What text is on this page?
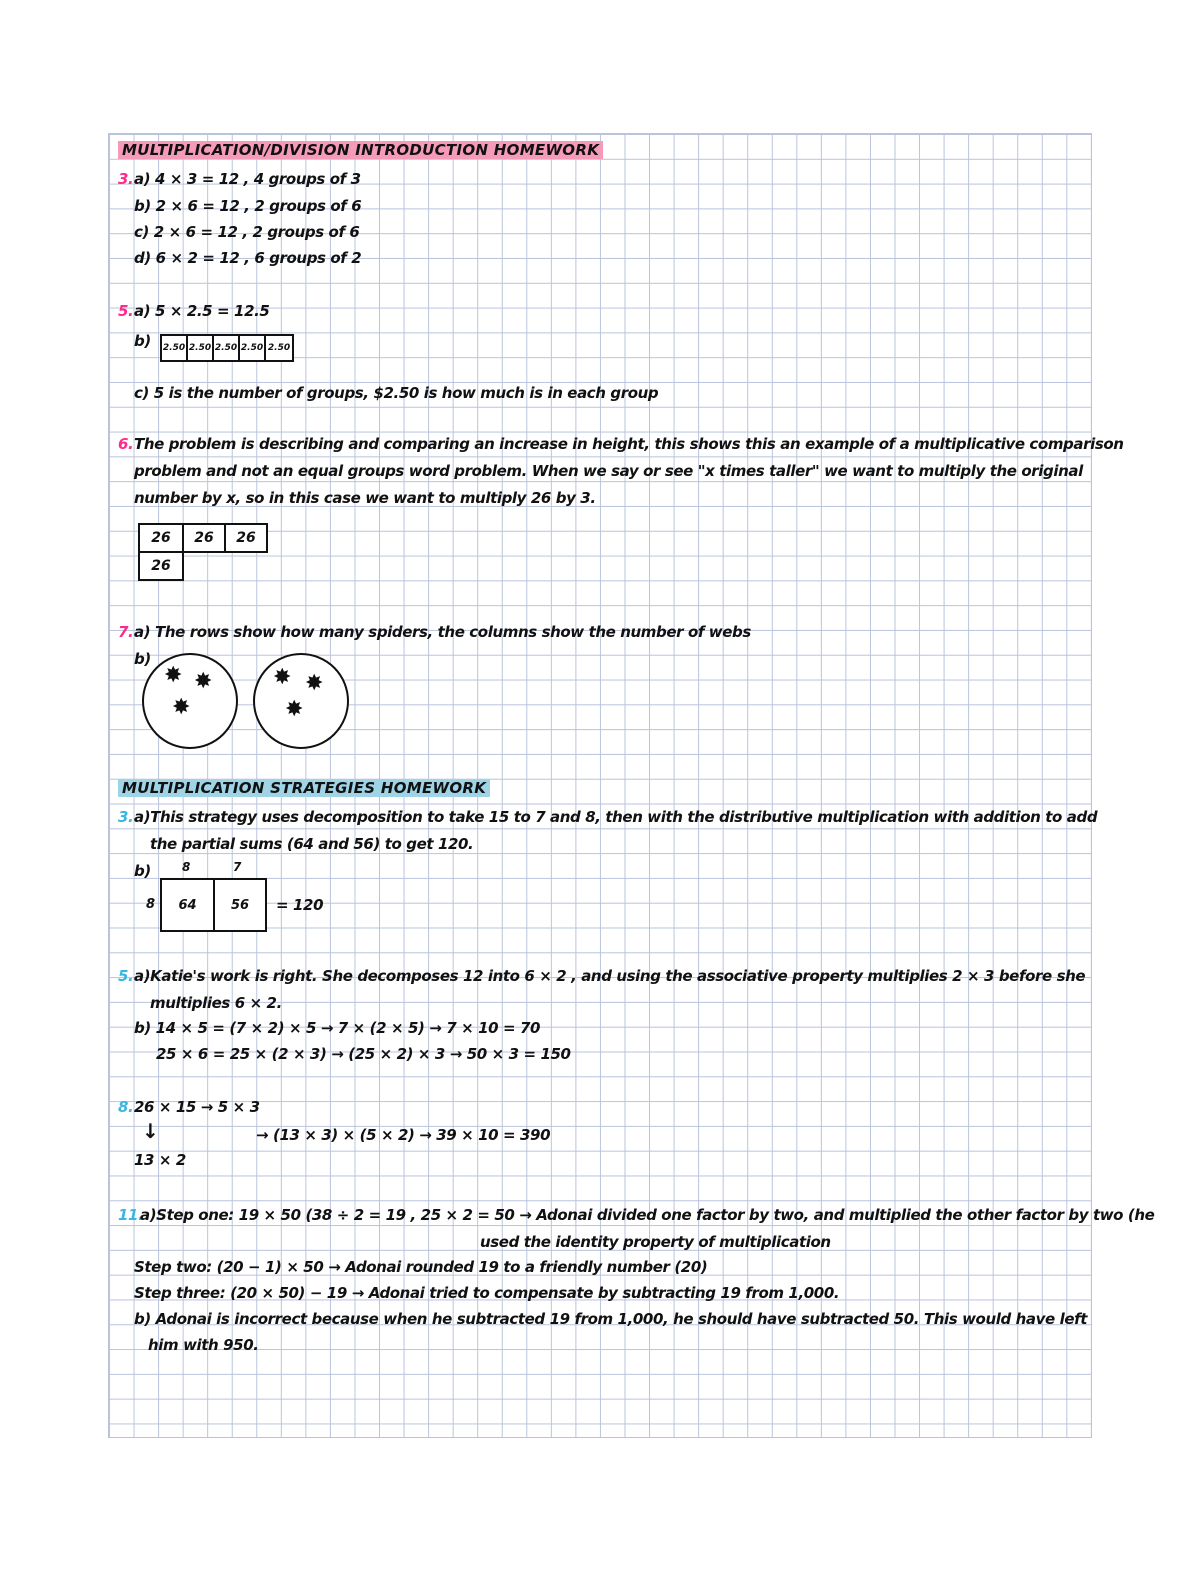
MULTIPLICATION/DIVISION INTRODUCTION HOMEWORK
3. a) 4 × 3 = 12 , 4 groups of 3

b) 2 × 6 = 12 , 2 groups of 6

c) 2 × 6 = 12 , 2 groups of 6

d) 6 × 2 = 12 , 6 groups of 2

5. a) 5 × 2.5 = 12.5

b)	2.50 2.50 2.50 2.50 2.50

c) 5 is the number of groups, $2.50 is how much is in each group

6. The problem is describing and comparing an increase in height, this shows this an example of a multiplicative comparison

problem and not an equal groups word problem. When we say or see "x times taller" we want to multiply the original

number by x, so in this case we want to multiply 26 by 3.

26	26	26
26
7. a) The rows show how many spiders, the columns show the number of webs

b)

✸ ✸
✸
✸ ✸
✸
MULTIPLICATION STRATEGIES HOMEWORK
3. a)This strategy uses decomposition to take 15 to 7 and 8, then with the distributive multiplication with addition to add

the partial sums (64 and 56) to get 120.

b)	8	7

8	64	56	= 120

5. a)Katie's work is right. She decomposes 12 into 6 × 2 , and using the associative property multiplies 2 × 3 before she

multiplies 6 × 2.

b) 14 × 5 = (7 × 2) × 5 → 7 × (2 × 5) → 7 × 10 = 70

25 × 6 = 25 × (2 × 3) → (25 × 2) × 3 → 50 × 3 = 150

8. 26 × 15 → 5 × 3

↓	→ (13 × 3) × (5 × 2) → 39 × 10 = 390

13 × 2

11.

a)Step one: 19 × 50 (38 ÷ 2 = 19 , 25 × 2 = 50 → Adonai divided one factor by two, and multiplied the other factor by two (he

used the identity property of multiplication

Step two: (20 − 1) × 50 → Adonai rounded 19 to a friendly number (20)

Step three: (20 × 50) − 19 → Adonai tried to compensate by subtracting 19 from 1,000.

b) Adonai is incorrect because when he subtracted 19 from 1,000, he should have subtracted 50. This would have left

him with 950.
